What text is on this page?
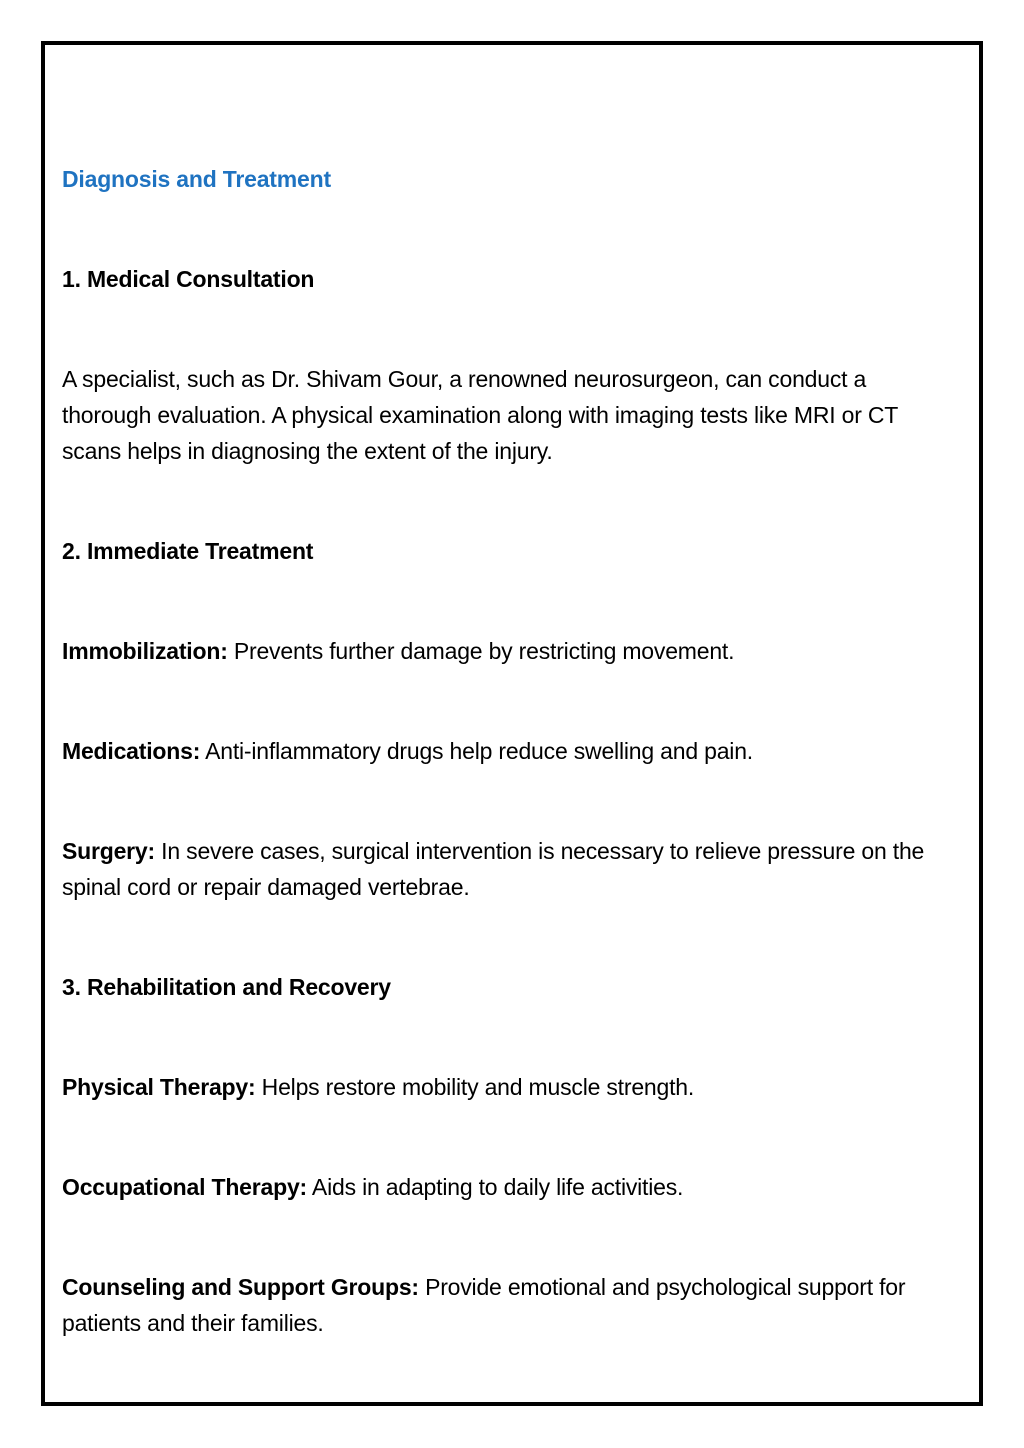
Diagnosis and Treatment

1. Medical Consultation

A specialist, such as Dr. Shivam Gour, a renowned neurosurgeon, can conduct a thorough evaluation. A physical examination along with imaging tests like MRI or CT scans helps in diagnosing the extent of the injury.

2. Immediate Treatment

Immobilization: Prevents further damage by restricting movement.

Medications: Anti-inflammatory drugs help reduce swelling and pain.

Surgery: In severe cases, surgical intervention is necessary to relieve pressure on the spinal cord or repair damaged vertebrae.

3. Rehabilitation and Recovery

Physical Therapy: Helps restore mobility and muscle strength.

Occupational Therapy: Aids in adapting to daily life activities.

Counseling and Support Groups: Provide emotional and psychological support for patients and their families.
